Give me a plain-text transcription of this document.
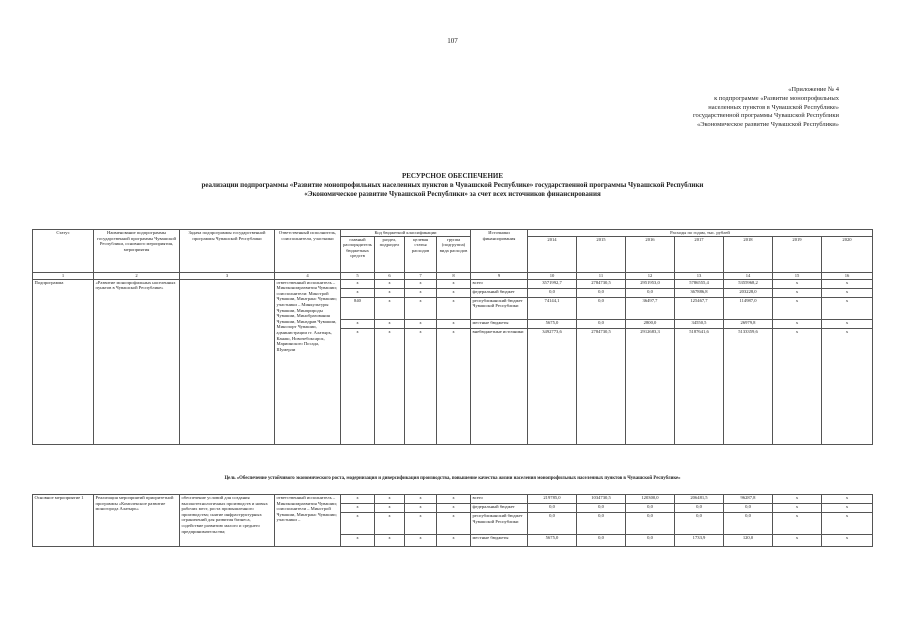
107
«Приложение № 4
к подпрограмме «Развитие монопрофильных
населенных пунктов в Чувашской Республике»
государственной программы Чувашской Республики
«Экономическое развитие Чувашской Республики»
РЕСУРСНОЕ ОБЕСПЕЧЕНИЕ
реализации подпрограммы «Развитие монопрофильных населенных пунктов в Чувашской Республике» государственной программы Чувашской Республики
«Экономическое развитие Чувашской Республики» за счет всех источников финансирования
Статус	Наименование подпрограммы государственной программы Чувашской Республики, основного мероприятия, мероприятия	Задача подпрограммы государственной программы Чувашской Республики	Ответственный исполнитель, соисполнители, участники	Код бюджетной классификации				Источники финансирования	Расходы по годам, тыс. рублей						
				главный распорядитель бюджетных средств	раздел, подраздел	целевая статья расходов	группа (подгруппа) вида расходов		2014	2015	2016	2017	2018	2019	2020
1	2	3	4	5	6	7	8	9	10	11	12	13	14	15	16
Подпрограмма	«Развитие монопрофильных населенных пунктов в Чувашской Республике»		ответственный исполнитель – Минэкономразвития Чувашии; соисполнители: Минстрой Чувашии, Минтранс Чувашии; участники – Минкультуры Чувашии, Минприроды Чувашии, Минобразования Чувашии, Минздрав Чувашии, Минспорт Чувашии, администрации гг. Алатырь, Канаш, Новочебоксарск, Мариинского Посада, Шумерли	х	х	х	х	всего	3571992,7	2784730,5	2951953,0	5786555,4	5355968,2	х	х
				х	х	х	х	федеральный бюджет	0,0	0,0	0,0	367886,8	203228,0	х	х
				840	х	х	х	республиканский бюджет Чувашской Республики	74144,1	0,0	36497,7	125467,7	114987,0	х	х
				х	х	х	х	местные бюджеты	5675,0	0,0	2800,0	34550,5	26979,8	х	х
				х	х	х	х	внебюджетные источники	3492773,6	2784730,5	2912683,3	5187641,6	5133359,6	х	х
Цель «Обеспечение устойчивого экономического роста, модернизация и диверсификация производства, повышение качества жизни населения монопрофильных населенных пунктов в Чувашской Республике»
Основное мероприятие 1	Реализация мероприятий приоритетной программы «Комплексное развитие моногорода Алатырь»	обеспечение условий для создания высокотехнологичных производств и новых рабочих мест, роста промышленного производства; снятие инфраструктурных ограничений для развития бизнеса, содействие развитию малого и среднего предпринимательства;	ответственный исполнитель – Минэкономразвития Чувашии; соисполнители – Минстрой Чувашии, Минтранс Чувашии; участники –	х	х	х	х	всего	219785,0	1034730,5	120300,0	206481,5	96287,8	х	х
				х	х	х	х	федеральный бюджет	0,0	0,0	0,0	0,0	0,0	х	х
				х	х	х	х	республиканский бюджет Чувашской Республики	0,0	0,0	0,0	0,0	0,0	х	х
				х	х	х	х	местные бюджеты	5675,0	0,0	0,0	1733,9	120,0	х	х
